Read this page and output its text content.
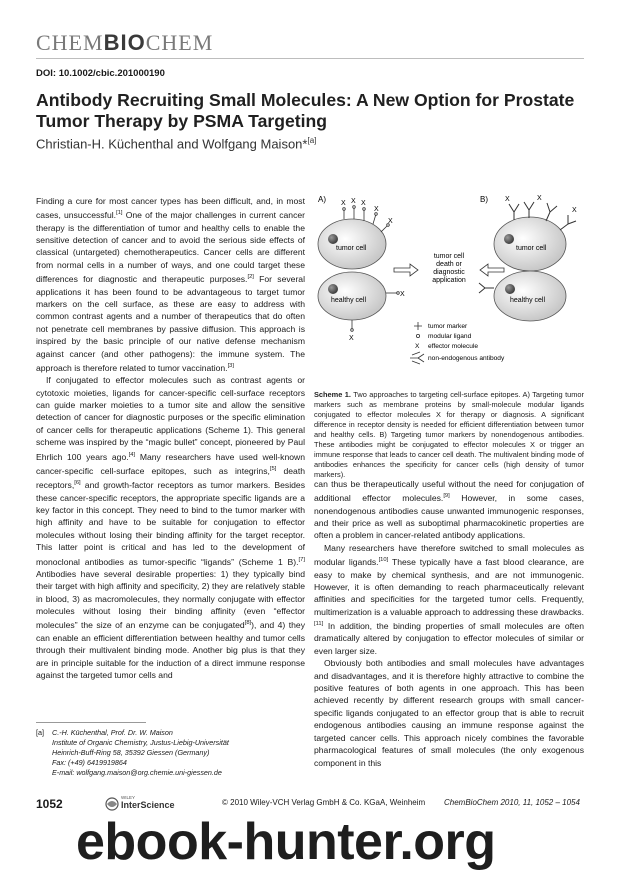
CHEMBIOCHEM
DOI: 10.1002/cbic.201000190
Antibody Recruiting Small Molecules: A New Option for Prostate Tumor Therapy by PSMA Targeting
Christian-H. Küchenthal and Wolfgang Maison*[a]

Finding a cure for most cancer types has been difficult, and, in most cases, unsuccessful.[1] One of the major challenges in current cancer therapy is the differentiation of tumor and healthy cells to enable the sensitive detection of cancer and to avoid the serious side effects of classical (untargeted) chemotherapeutics. Cancer cells are different from normal cells in a number of ways, and one could target these differences for diagnostic and therapeutic purposes.[2] For several applications it has been found to be advantageous to target tumor markers on the cell surface, as these are easy to address with common contrast agents and a number of therapeutics that do often not penetrate cell membranes by passive diffusion. This approach is inspired by the basic principle of our native defense mechanism against cancer (and other pathogens): the immune system. The approach is therefore related to tumor vaccination.[3]

If conjugated to effector molecules such as contrast agents or cytotoxic moieties, ligands for cancer-specific cell-surface receptors can guide marker moieties to a tumor site and allow the sensitive detection of cancer for diagnostic purposes or the specific elimination of cancer cells for therapeutic applications (Scheme 1). This general scheme was inspired by the “magic bullet” concept, pioneered by Paul Ehrlich 100 years ago.[4] Many researchers have used well-known cancer-specific cell-surface epitopes, such as integrins,[5] death receptors,[6] and growth-factor receptors as tumor markers. Besides these cancer-specific receptors, the appropriate specific ligands are a key factor in this concept. They need to bind to the tumor marker with high affinity and have to be suitable for conjugation to effector molecules without losing their binding affinity for the target receptor. This latter point is critical and has led to the development of monoclonal antibodies as tumor-specific “ligands” (Scheme 1 B).[7] Antibodies have several desirable properties: 1) they typically bind their target with high affinity and specificity, 2) they are relatively stable in blood, 3) as macromolecules, they normally conjugate with effector molecules without losing their binding affinity (even “effector molecules” the size of an enzyme can be conjugated[8]), and 4) they can enable an efficient differentiation between healthy and tumor cells through their multivalent binding mode. Another big plus is that they are in principle suitable for the induction of a direct immune response against the targeted tumor cells and

A)	B)
tumor cell
X X X
X
X
healthy cell
X
X
tumor cell
death or
diagnostic
application
tumor cell
X	X
X
healthy cell
tumor marker
modular ligand
X effector molecule
non-endogenous antibody
Scheme 1. Two approaches to targeting cell-surface epitopes. A) Targeting tumor markers such as membrane proteins by small-molecule modular ligands conjugated to effector molecules X for therapy or diagnosis. A significant difference in receptor density is needed for efficient differentiation between tumor and healthy cells. B) Targeting tumor markers by nonendogenous antibodies. These antibodies might be conjugated to effector molecules X or trigger an immune response that leads to cancer cell death. The multivalent binding mode of antibodies enhances the specificity for cancer cells (high density of tumor markers).

can thus be therapeutically useful without the need for conjugation of additional effector molecules.[9] However, in some cases, nonendogenous antibodies cause unwanted immunogenic responses, and their price as well as suboptimal pharmacokinetic properties are often a problem in cancer-related antibody applications.

Many researchers have therefore switched to small molecules as modular ligands.[10] These typically have a fast blood clearance, are easy to make by chemical synthesis, and are not immunogenic. However, it is often demanding to reach pharmaceutically relevant affinities and specificities for the targeted tumor cells. Frequently, multimerization is a valuable approach to addressing these drawbacks.[11] In addition, the binding properties of small molecules are often dramatically altered by conjugation to effector molecules of similar or even larger size.

Obviously both antibodies and small molecules have advantages and disadvantages, and it is therefore highly attractive to combine the positive features of both agents in one approach. This has been achieved recently by different research groups with small cancer-specific ligands conjugated to an effector group that is able to recruit endogenous antibodies causing an immune response against the targeted cancer cells. This approach nicely combines the favorable pharmacological features of small molecules (the only exogenous component in this

[a] C.-H. Küchenthal, Prof. Dr. W. Maison
Institute of Organic Chemistry, Justus-Liebig-Universität
Heinrich-Buff-Ring 58, 35392 Giessen (Germany)
Fax: (+49) 6419919864
E-mail: wolfgang.maison@org.chemie.uni-giessen.de
1052	WILEY
InterScience	© 2010 Wiley-VCH Verlag GmbH & Co. KGaA, Weinheim ChemBioChem 2010, 11, 1052 – 1054
ebook-hunter.org
